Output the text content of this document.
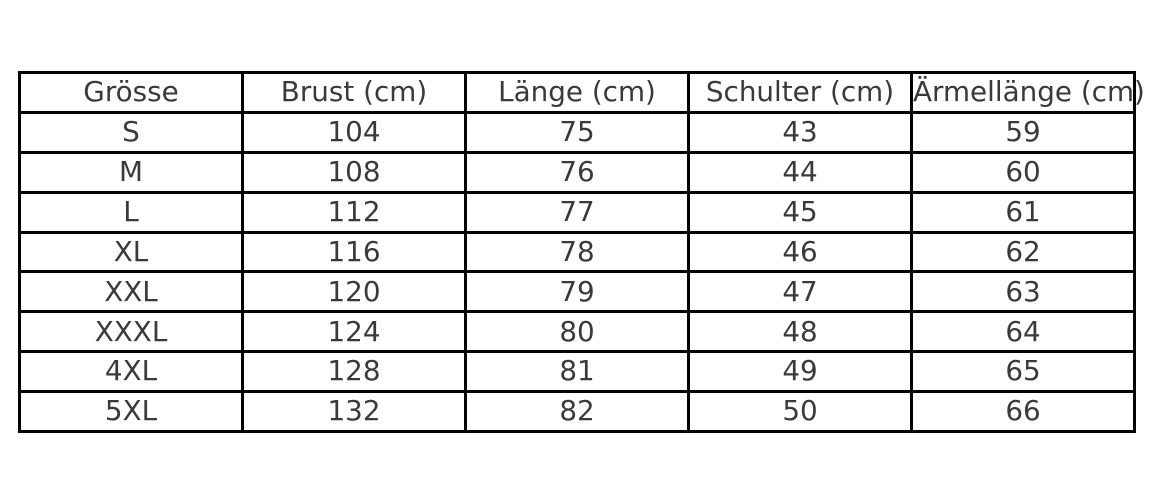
Grösse	Brust (cm)	Länge (cm)	Schulter (cm)	Ärmellänge (cm)
S	104	75	43	59
M	108	76	44	60
L	112	77	45	61
XL	116	78	46	62
XXL	120	79	47	63
XXXL	124	80	48	64
4XL	128	81	49	65
5XL	132	82	50	66
